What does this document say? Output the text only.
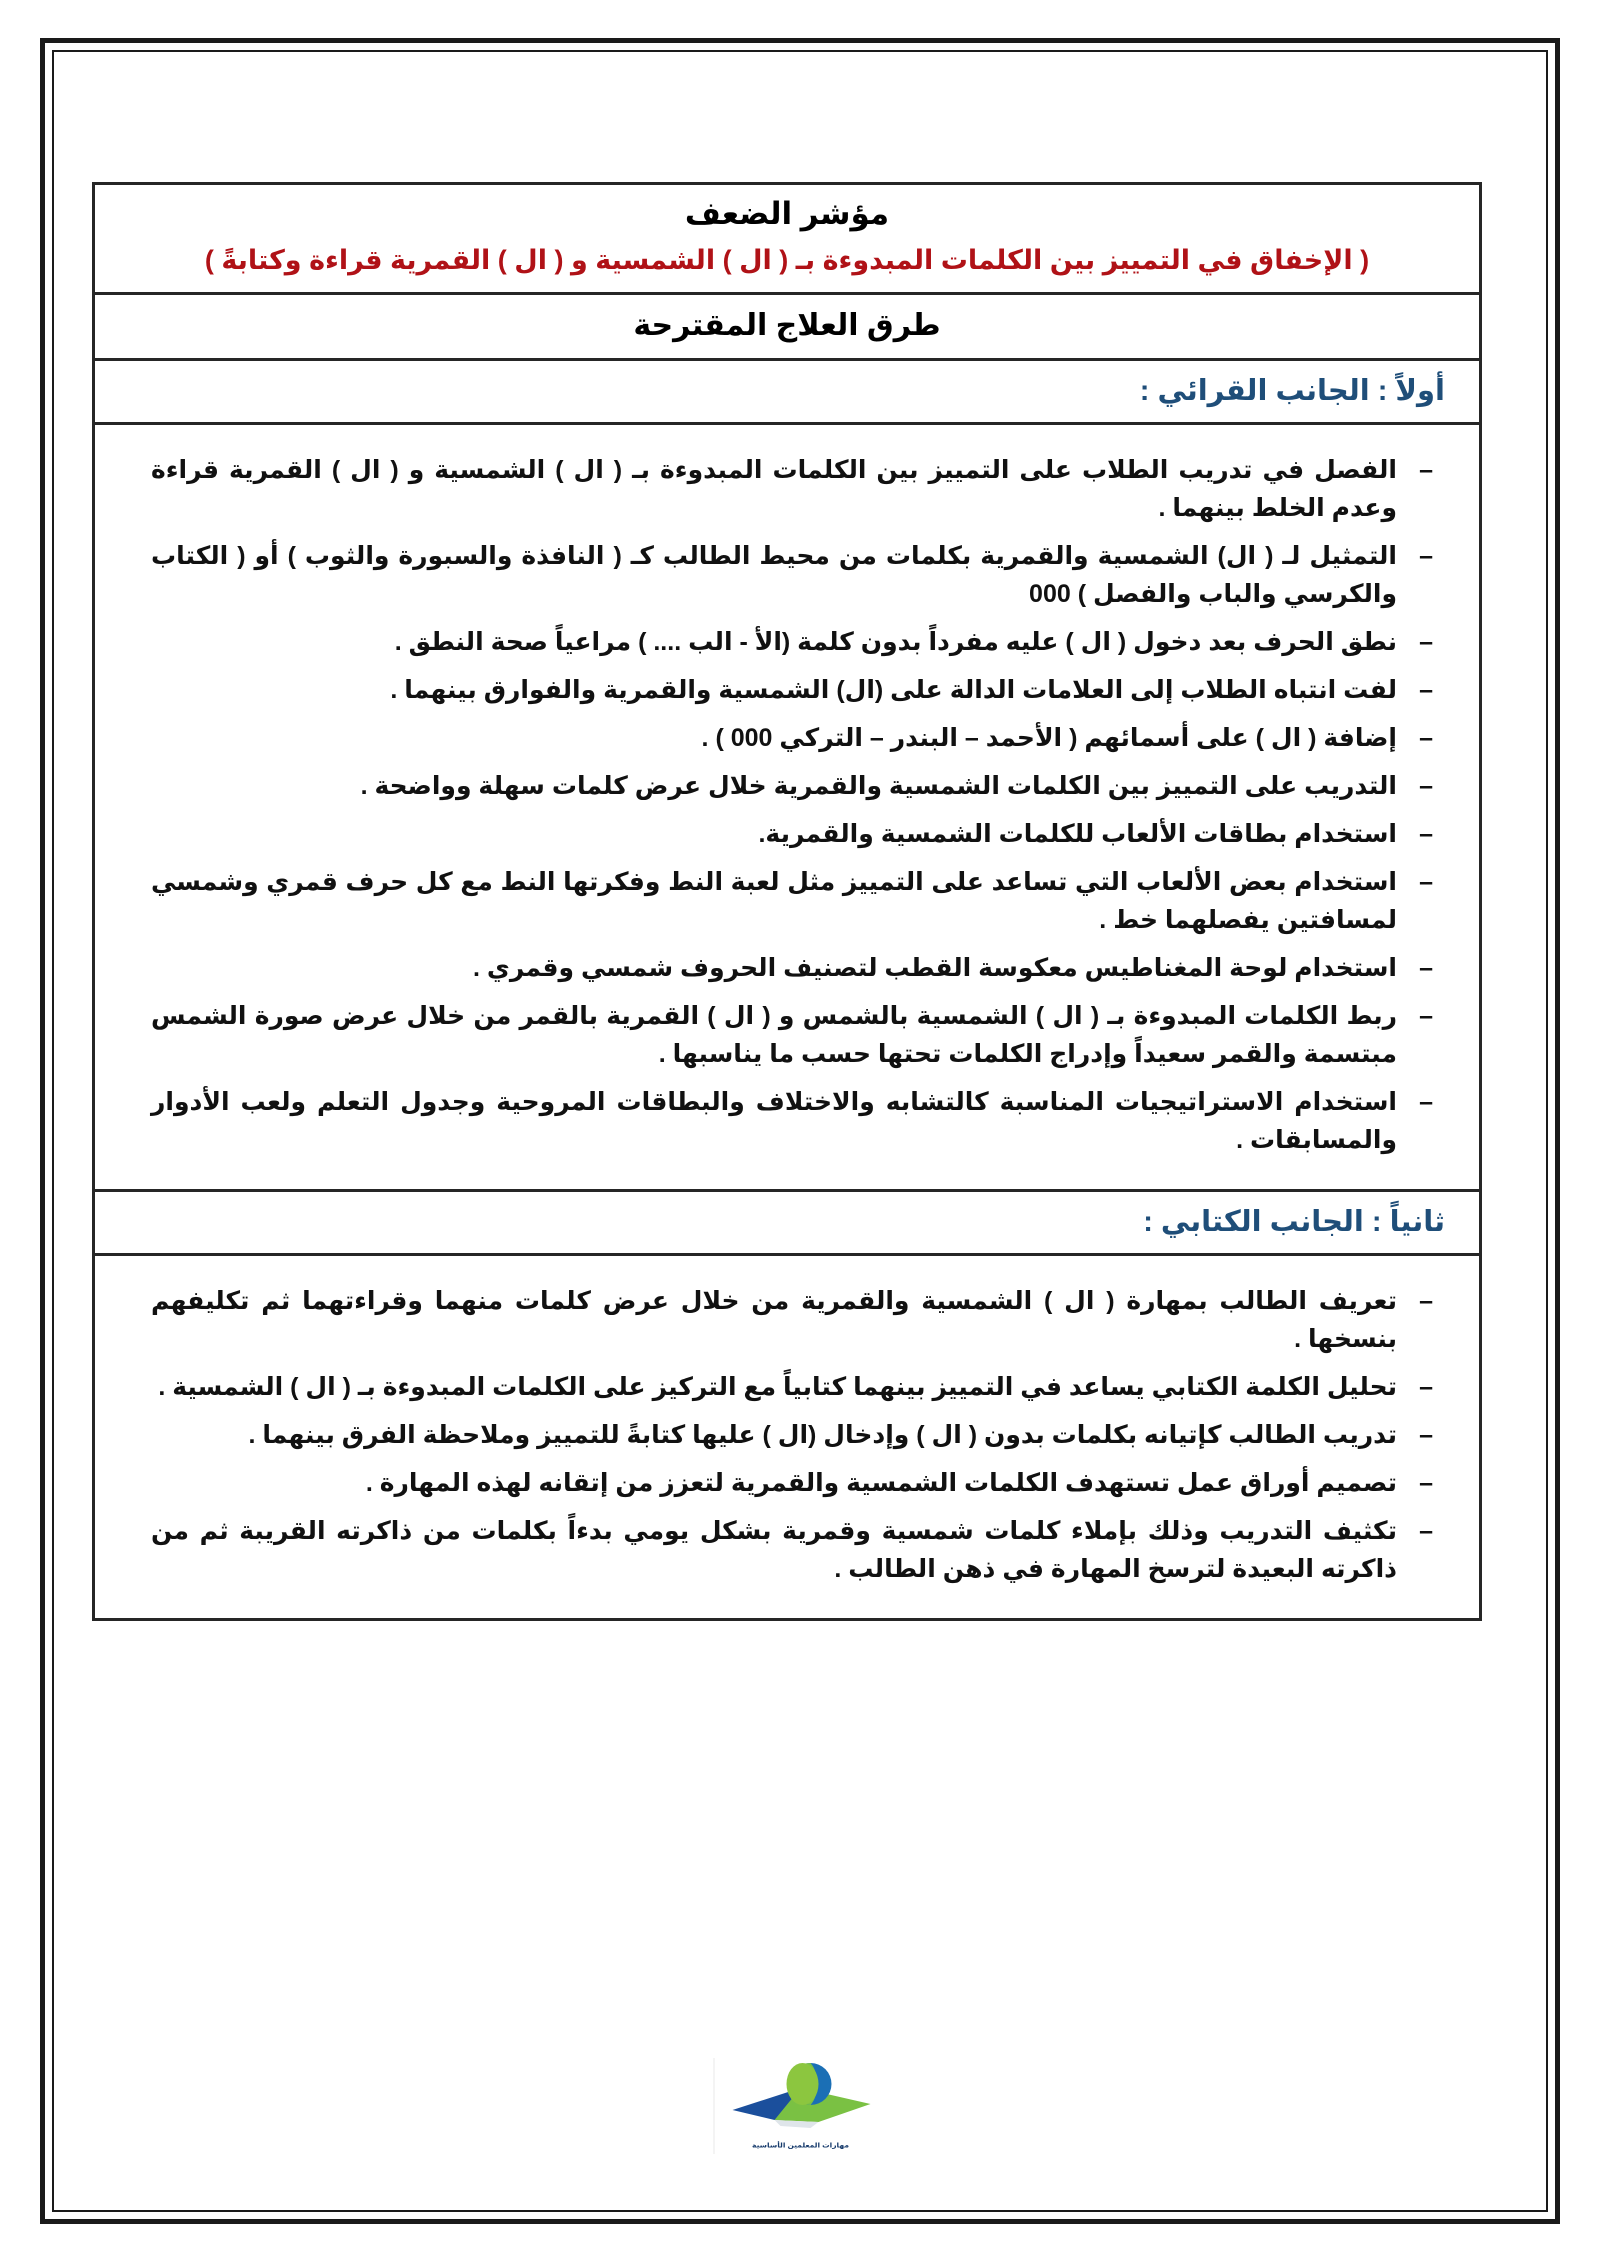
مؤشر الضعف
( الإخفاق في التمييز بين الكلمات المبدوءة بـ ( ال ) الشمسية و ( ال ) القمرية قراءة وكتابةً )
طرق العلاج المقترحة
أولاً : الجانب القرائي :
– الفصل في تدريب الطلاب على التمييز بين الكلمات المبدوءة بـ ( ال ) الشمسية و ( ال ) القمرية قراءة وعدم الخلط بينهما .
– التمثيل لـ ( ال) الشمسية والقمرية بكلمات من محيط الطالب كـ ( النافذة والسبورة والثوب ) أو ( الكتاب والكرسي والباب والفصل ) 000
– نطق الحرف بعد دخول ( ال ) عليه مفرداً بدون كلمة (الأ - الب .... ) مراعياً صحة النطق .
– لفت انتباه الطلاب إلى العلامات الدالة على (ال) الشمسية والقمرية والفوارق بينهما .
– إضافة ( ال ) على أسمائهم ( الأحمد – البندر – التركي 000 ) .
– التدريب على التمييز بين الكلمات الشمسية والقمرية خلال عرض كلمات سهلة وواضحة .
– استخدام بطاقات الألعاب للكلمات الشمسية والقمرية.
– استخدام بعض الألعاب التي تساعد على التمييز مثل لعبة النط وفكرتها النط مع كل حرف قمري وشمسي لمسافتين يفصلهما خط .
– استخدام لوحة المغناطيس معكوسة القطب لتصنيف الحروف شمسي وقمري .
– ربط الكلمات المبدوءة بـ ( ال ) الشمسية بالشمس و ( ال ) القمرية بالقمر من خلال عرض صورة الشمس مبتسمة والقمر سعيداً وإدراج الكلمات تحتها حسب ما يناسبها .
– استخدام الاستراتيجيات المناسبة كالتشابه والاختلاف والبطاقات المروحية وجدول التعلم ولعب الأدوار والمسابقات .
ثانياً : الجانب الكتابي :
– تعريف الطالب بمهارة ( ال ) الشمسية والقمرية من خلال عرض كلمات منهما وقراءتهما ثم تكليفهم بنسخها .
– تحليل الكلمة الكتابي يساعد في التمييز بينهما كتابياً مع التركيز على الكلمات المبدوءة بـ ( ال ) الشمسية .
– تدريب الطالب كإتيانه بكلمات بدون ( ال ) وإدخال (ال ) عليها كتابةً للتمييز وملاحظة الفرق بينهما .
– تصميم أوراق عمل تستهدف الكلمات الشمسية والقمرية لتعزز من إتقانه لهذه المهارة .
– تكثيف التدريب وذلك بإملاء كلمات شمسية وقمرية بشكل يومي بدءاً بكلمات من ذاكرته القريبة ثم من ذاكرته البعيدة لترسخ المهارة في ذهن الطالب .
مهارات المعلمين الأساسية
